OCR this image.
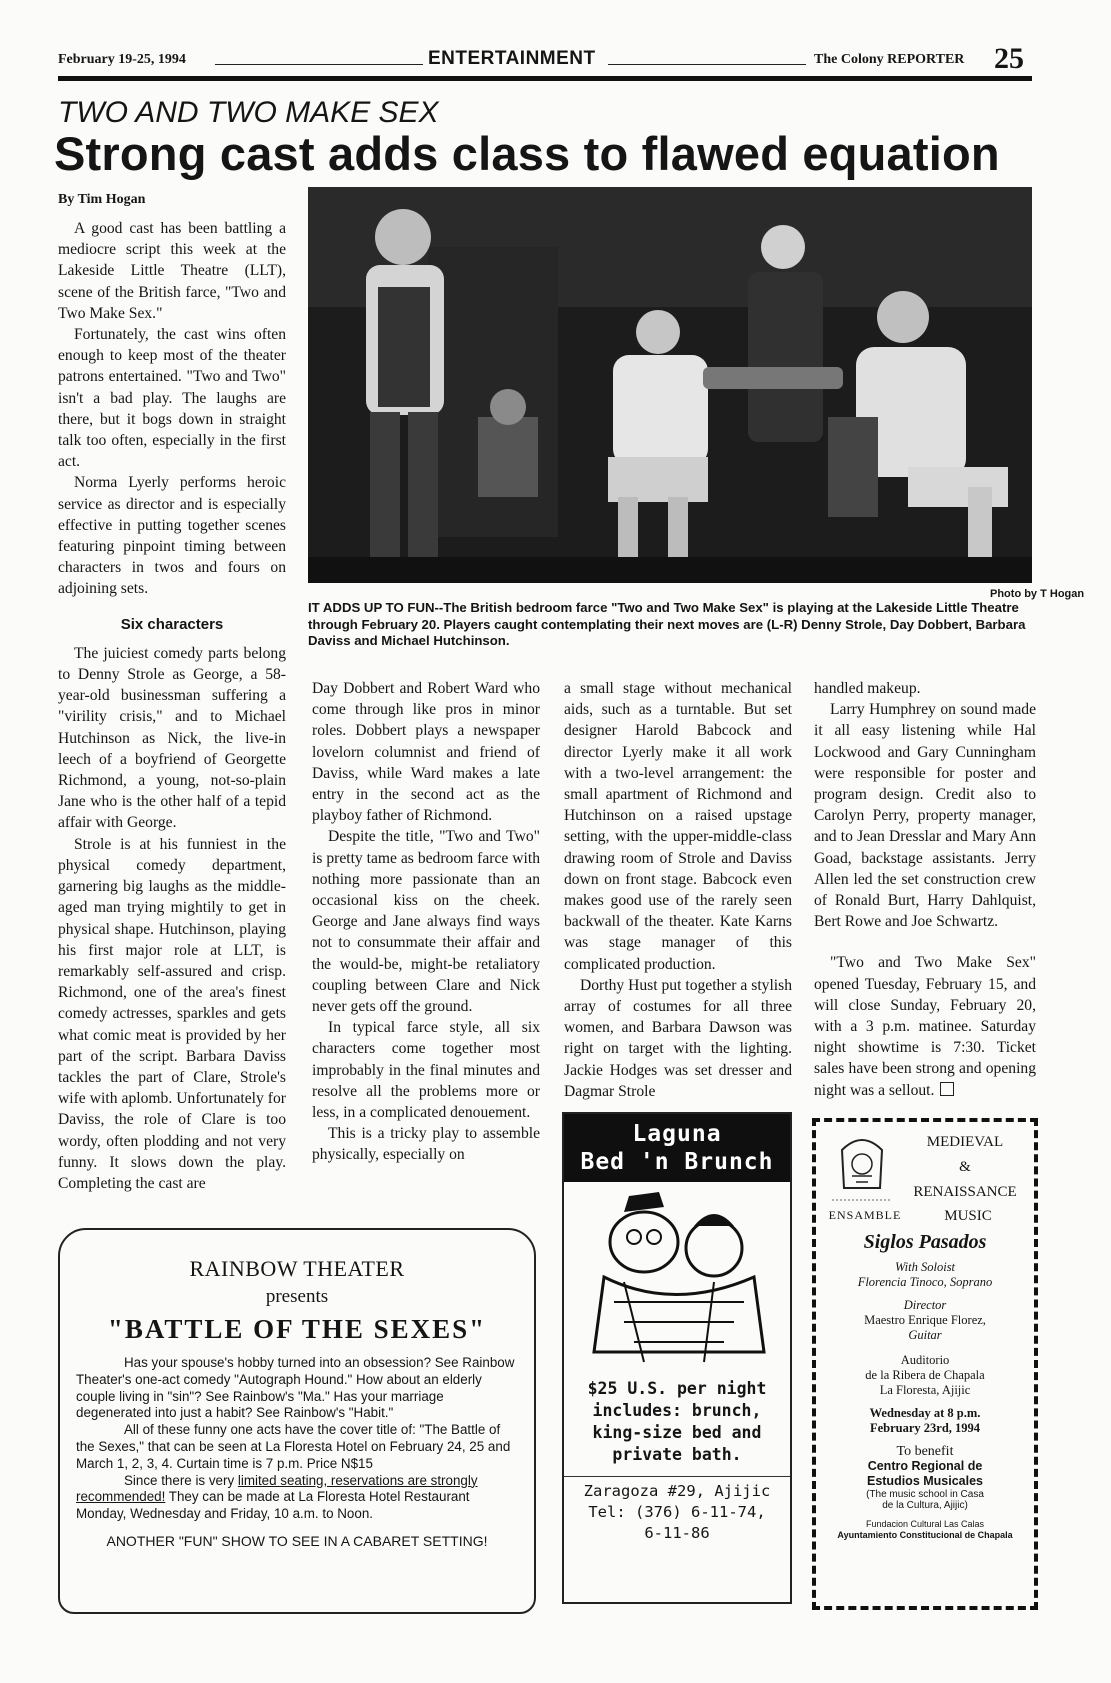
February 19-25, 1994	ENTERTAINMENT	The Colony REPORTER 25
TWO AND TWO MAKE SEX
Strong cast adds class to flawed equation
By Tim Hogan

A good cast has been battling a mediocre script this week at the Lakeside Little Theatre (LLT), scene of the British farce, "Two and Two Make Sex."

Fortunately, the cast wins often enough to keep most of the theater patrons entertained. "Two and Two" isn't a bad play. The laughs are there, but it bogs down in straight talk too often, especially in the first act.

Norma Lyerly performs heroic service as director and is especially effective in putting together scenes featuring pinpoint timing between characters in twos and fours on adjoining sets.

Six characters

The juiciest comedy parts belong to Denny Strole as George, a 58-year-old businessman suffering a "virility crisis," and to Michael Hutchinson as Nick, the live-in leech of a boyfriend of Georgette Richmond, a young, not-so-plain Jane who is the other half of a tepid affair with George.

Strole is at his funniest in the physical comedy department, garnering big laughs as the middle-aged man trying mightily to get in physical shape. Hutchinson, playing his first major role at LLT, is remarkably self-assured and crisp. Richmond, one of the area's finest comedy actresses, sparkles and gets what comic meat is provided by her part of the script. Barbara Daviss tackles the part of Clare, Strole's wife with aplomb. Unfortunately for Daviss, the role of Clare is too wordy, often plodding and not very funny. It slows down the play. Completing the cast are

Photo by T Hogan
IT ADDS UP TO FUN--The British bedroom farce "Two and Two Make Sex" is playing at the Lakeside Little Theatre through February 20. Players caught contemplating their next moves are (L-R) Denny Strole, Day Dobbert, Barbara Daviss and Michael Hutchinson.

Day Dobbert and Robert Ward who come through like pros in minor roles. Dobbert plays a newspaper lovelorn columnist and friend of Daviss, while Ward makes a late entry in the second act as the playboy father of Richmond.

Despite the title, "Two and Two" is pretty tame as bedroom farce with nothing more passionate than an occasional kiss on the cheek. George and Jane always find ways not to consummate their affair and the would-be, might-be retaliatory coupling between Clare and Nick never gets off the ground.

In typical farce style, all six characters come together most improbably in the final minutes and resolve all the problems more or less, in a complicated denouement.

This is a tricky play to assemble physically, especially on

a small stage without mechanical aids, such as a turntable. But set designer Harold Babcock and director Lyerly make it all work with a two-level arrangement: the small apartment of Richmond and Hutchinson on a raised upstage setting, with the upper-middle-class drawing room of Strole and Daviss down on front stage. Babcock even makes good use of the rarely seen backwall of the theater. Kate Karns was stage manager of this complicated production.

Dorthy Hust put together a stylish array of costumes for all three women, and Barbara Dawson was right on target with the lighting. Jackie Hodges was set dresser and Dagmar Strole

handled makeup.

Larry Humphrey on sound made it all easy listening while Hal Lockwood and Gary Cunningham were responsible for poster and program design. Credit also to Carolyn Perry, property manager, and to Jean Dresslar and Mary Ann Goad, backstage assistants. Jerry Allen led the set construction crew of Ronald Burt, Harry Dahlquist, Bert Rowe and Joe Schwartz.

"Two and Two Make Sex" opened Tuesday, February 15, and will close Sunday, February 20, with a 3 p.m. matinee. Saturday night showtime is 7:30. Ticket sales have been strong and opening night was a sellout.

RAINBOW THEATER
presents
"BATTLE OF THE SEXES"

Has your spouse's hobby turned into an obsession? See Rainbow Theater's one-act comedy "Autograph Hound." How about an elderly couple living in "sin"? See Rainbow's "Ma." Has your marriage degenerated into just a habit? See Rainbow's "Habit."

All of these funny one acts have the cover title of: "The Battle of the Sexes," that can be seen at La Floresta Hotel on February 24, 25 and March 1, 2, 3, 4. Curtain time is 7 p.m. Price N$15

Since there is very limited seating, reservations are strongly recommended! They can be made at La Floresta Hotel Restaurant Monday, Wednesday and Friday, 10 a.m. to Noon.

ANOTHER "FUN" SHOW TO SEE IN A CABARET SETTING!
Laguna
Bed 'n Brunch
$25 U.S. per night
includes: brunch,
king-size bed and
private bath.
Zaragoza #29, Ajijic
Tel: (376) 6-11-74,
6-11-86
MEDIEVAL
&
RENAISSANCE
ENSAMBLE	MUSIC
Siglos Pasados
With Soloist
Florencia Tinoco, Soprano
Director
Maestro Enrique Florez,
Guitar
Auditorio
de la Ribera de Chapala
La Floresta, Ajijic
Wednesday at 8 p.m.
February 23rd, 1994
To benefit
Centro Regional de
Estudios Musicales
(The music school in Casa
de la Cultura, Ajijic)
Fundacion Cultural Las Calas
Ayuntamiento Constitucional de Chapala
